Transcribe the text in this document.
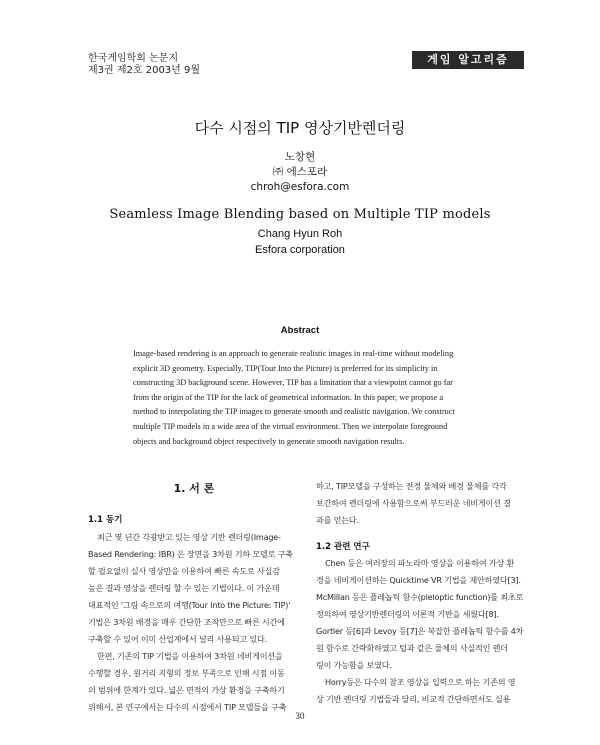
한국게임학회 논문지
제3권 제2호 2003년 9월
게임 알고리즘
다수 시점의 TIP 영상기반렌더링
노창현
㈜ 에스포라
chroh@esfora.com
Seamless Image Blending based on Multiple TIP models
Chang Hyun Roh
Esfora corporation
Abstract
Image-based rendering is an approach to generate realistic images in real-time without modeling
explicit 3D geometry. Especially, TIP(Tour Into the Picture) is preferred for its simplicity in
constructing 3D background scene. However, TIP has a limitation that a viewpoint cannot go far
from the origin of the TIP for the lack of geometrical information. In this paper, we propose a
method to interpolating the TIP images to generate smooth and realistic navigation. We construct
multiple TIP models in a wide area of the virtual environment. Then we interpolate foreground
objects and background object respectively to generate smooth navigation results.
1. 서 론
1.1 동기
최근 몇 년간 각광받고 있는 영상 기반 렌더링(Image-
Based Rendering: IBR) 은 장면을 3차원 기하 모델로 구축
할 필요없이 실사 영상만을 이용하여 빠른 속도로 사실감
높은 결과 영상을 렌더링 할 수 있는 기법이다. 이 가운데
대표적인 '그림 속으로의 여행(Tour Into the Picture: TIP)'
기법은 3차원 배경을 매우 간단한 조작만으로 빠른 시간에
구축할 수 있어 이미 산업계에서 널리 사용되고 있다.
한편, 기존의 TIP 기법을 이용하여 3차원 네비게이션을
수행할 경우, 원거리 지형의 정보 부족으로 인해 시점 이동
의 범위에 한계가 있다. 넓은 면적의 가상 환경을 구축하기
위해서, 본 연구에서는 다수의 시점에서 TIP 모델들을 구축
하고, TIP모델을 구성하는 전경 물체와 배경 물체를 각각
보간하여 렌더링에 사용함으로써 부드러운 네비게이션 결
과를 얻는다.
1.2 관련 연구
Chen 등은 여러장의 파노라마 영상을 이용하여 가상 환
경을 네비게이션하는 Quicktime VR 기법을 제안하였다[3].
McMillan 등은 플레놉틱 함수(pleloptic function)를 최초로
정의하여 영상기반렌더링의 이론적 기반을 세웠다[8].
Gortler 등[6]과 Levoy 등[7]은 복잡한 플레놉틱 함수를 4차
원 함수로 간략화하였고 털과 같은 물체의 사실적인 렌더
링이 가능함을 보였다.
Horry등은 다수의 참조 영상을 입력으로 하는 기존의 영
상 기반 렌더링 기법들과 달리, 비교적 간단하면서도 실용
30
